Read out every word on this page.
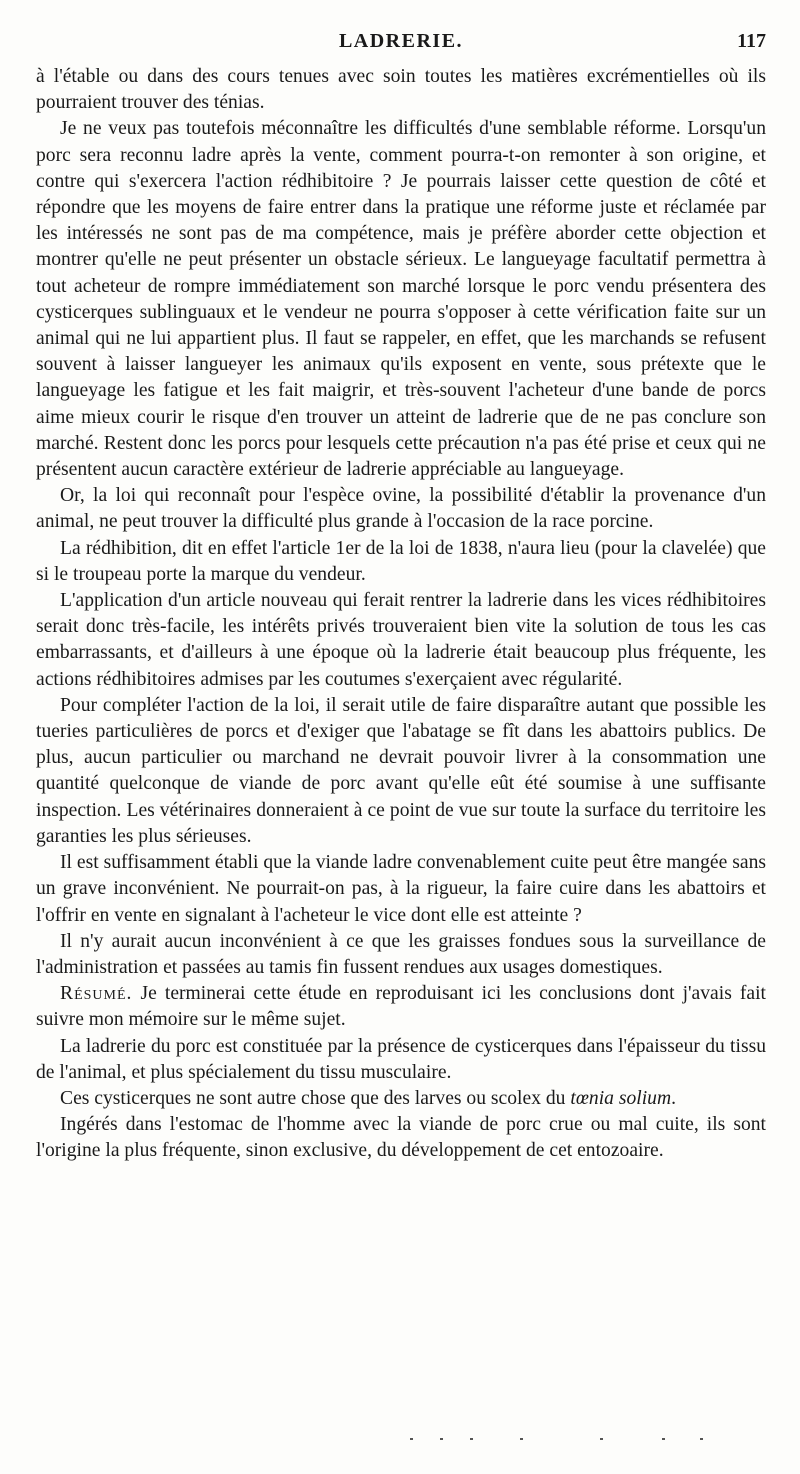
LADRERIE.	117

à l'étable ou dans des cours tenues avec soin toutes les matières excrémentielles où ils pourraient trouver des ténias.

Je ne veux pas toutefois méconnaître les difficultés d'une semblable réforme. Lorsqu'un porc sera reconnu ladre après la vente, comment pourra-t-on remonter à son origine, et contre qui s'exercera l'action rédhibitoire ? Je pourrais laisser cette question de côté et répondre que les moyens de faire entrer dans la pratique une réforme juste et réclamée par les intéressés ne sont pas de ma compétence, mais je préfère aborder cette objection et montrer qu'elle ne peut présenter un obstacle sérieux. Le langueyage facultatif permettra à tout acheteur de rompre immédiatement son marché lorsque le porc vendu présentera des cysticerques sublinguaux et le vendeur ne pourra s'opposer à cette vérification faite sur un animal qui ne lui appartient plus. Il faut se rappeler, en effet, que les marchands se refusent souvent à laisser langueyer les animaux qu'ils exposent en vente, sous prétexte que le langueyage les fatigue et les fait maigrir, et très-souvent l'acheteur d'une bande de porcs aime mieux courir le risque d'en trouver un atteint de ladrerie que de ne pas conclure son marché. Restent donc les porcs pour lesquels cette précaution n'a pas été prise et ceux qui ne présentent aucun caractère extérieur de ladrerie appréciable au langueyage.

Or, la loi qui reconnaît pour l'espèce ovine, la possibilité d'établir la provenance d'un animal, ne peut trouver la difficulté plus grande à l'occasion de la race porcine.

La rédhibition, dit en effet l'article 1er de la loi de 1838, n'aura lieu (pour la clavelée) que si le troupeau porte la marque du vendeur.

L'application d'un article nouveau qui ferait rentrer la ladrerie dans les vices rédhibitoires serait donc très-facile, les intérêts privés trouveraient bien vite la solution de tous les cas embarrassants, et d'ailleurs à une époque où la ladrerie était beaucoup plus fréquente, les actions rédhibitoires admises par les coutumes s'exerçaient avec régularité.

Pour compléter l'action de la loi, il serait utile de faire disparaître autant que possible les tueries particulières de porcs et d'exiger que l'abatage se fît dans les abattoirs publics. De plus, aucun particulier ou marchand ne devrait pouvoir livrer à la consommation une quantité quelconque de viande de porc avant qu'elle eût été soumise à une suffisante inspection. Les vétérinaires donneraient à ce point de vue sur toute la surface du territoire les garanties les plus sérieuses.

Il est suffisamment établi que la viande ladre convenablement cuite peut être mangée sans un grave inconvénient. Ne pourrait-on pas, à la rigueur, la faire cuire dans les abattoirs et l'offrir en vente en signalant à l'acheteur le vice dont elle est atteinte ?

Il n'y aurait aucun inconvénient à ce que les graisses fondues sous la surveillance de l'administration et passées au tamis fin fussent rendues aux usages domestiques.

Résumé. Je terminerai cette étude en reproduisant ici les conclusions dont j'avais fait suivre mon mémoire sur le même sujet.

La ladrerie du porc est constituée par la présence de cysticerques dans l'épaisseur du tissu de l'animal, et plus spécialement du tissu musculaire.

Ces cysticerques ne sont autre chose que des larves ou scolex du tœnia solium.

Ingérés dans l'estomac de l'homme avec la viande de porc crue ou mal cuite, ils sont l'origine la plus fréquente, sinon exclusive, du développement de cet entozoaire.
